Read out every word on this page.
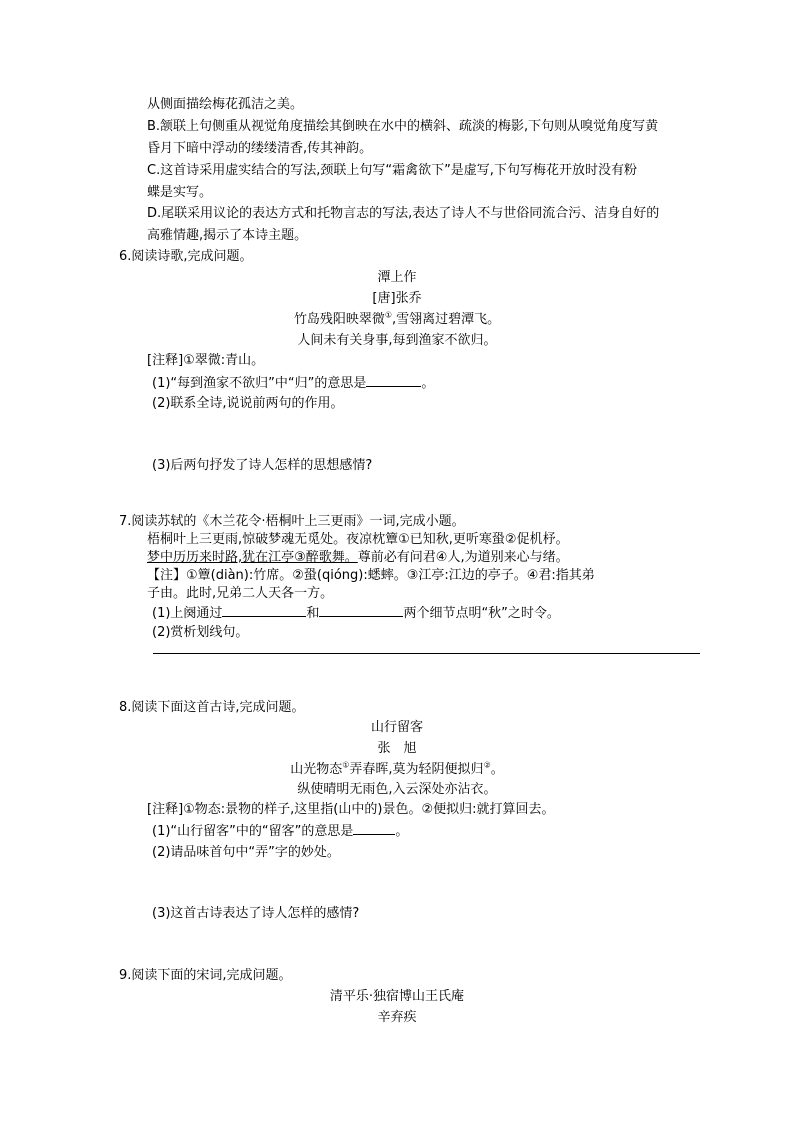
从侧面描绘梅花孤洁之美。
B.颔联上句侧重从视觉角度描绘其倒映在水中的横斜、疏淡的梅影,下句则从嗅觉角度写黄
昏月下暗中浮动的缕缕清香,传其神韵。
C.这首诗采用虚实结合的写法,颈联上句写“霜禽欲下”是虚写,下句写梅花开放时没有粉
蝶是实写。
D.尾联采用议论的表达方式和托物言志的写法,表达了诗人不与世俗同流合污、洁身自好的
高雅情趣,揭示了本诗主题。
6.阅读诗歌,完成问题。
潭上作
[唐]张乔
竹岛残阳映翠微①,雪翎离过碧潭飞。
人间未有关身事,每到渔家不欲归。
[注释]①翠微:青山。
(1)“每到渔家不欲归”中“归”的意思是	。
(2)联系全诗,说说前两句的作用。
(3)后两句抒发了诗人怎样的思想感情?
7.阅读苏轼的《木兰花令·梧桐叶上三更雨》一词,完成小题。
梧桐叶上三更雨,惊破梦魂无觅处。夜凉枕簟①已知秋,更听寒蛩②促机杼。
梦中历历来时路,犹在江亭③醉歌舞。尊前必有问君④人,为道别来心与绪。
【注】①簟(diàn):竹席。②蛩(qióng):蟋蟀。③江亭:江边的亭子。④君:指其弟
子由。此时,兄弟二人天各一方。
(1)上阕通过	和	两个细节点明“秋”之时令。
(2)赏析划线句。
8.阅读下面这首古诗,完成问题。
山行留客
张　旭
山光物态①弄春晖,莫为轻阴便拟归②。
纵使晴明无雨色,入云深处亦沾衣。
[注释]①物态:景物的样子,这里指(山中的)景色。②便拟归:就打算回去。
(1)“山行留客”中的“留客”的意思是	。
(2)请品味首句中“弄”字的妙处。
(3)这首古诗表达了诗人怎样的感情?
9.阅读下面的宋词,完成问题。
清平乐·独宿博山王氏庵
辛弃疾
